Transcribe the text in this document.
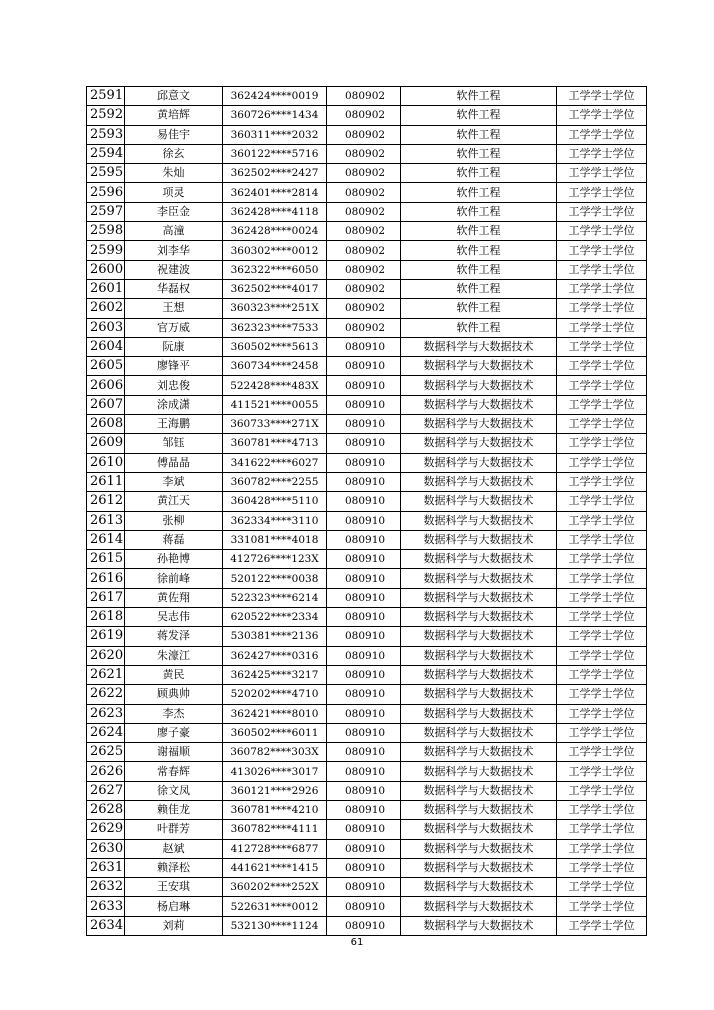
2591	邱意文	362424****0019	080902	软件工程	工学学士学位
2592	黄培辉	360726****1434	080902	软件工程	工学学士学位
2593	易佳宇	360311****2032	080902	软件工程	工学学士学位
2594	徐玄	360122****5716	080902	软件工程	工学学士学位
2595	朱灿	362502****2427	080902	软件工程	工学学士学位
2596	项灵	362401****2814	080902	软件工程	工学学士学位
2597	李臣金	362428****4118	080902	软件工程	工学学士学位
2598	高潼	362428****0024	080902	软件工程	工学学士学位
2599	刘李华	360302****0012	080902	软件工程	工学学士学位
2600	祝建波	362322****6050	080902	软件工程	工学学士学位
2601	华磊权	362502****4017	080902	软件工程	工学学士学位
2602	王想	360323****251X	080902	软件工程	工学学士学位
2603	官万威	362323****7533	080902	软件工程	工学学士学位
2604	阮康	360502****5613	080910	数据科学与大数据技术	工学学士学位
2605	廖锋平	360734****2458	080910	数据科学与大数据技术	工学学士学位
2606	刘忠俊	522428****483X	080910	数据科学与大数据技术	工学学士学位
2607	涂成潇	411521****0055	080910	数据科学与大数据技术	工学学士学位
2608	王海鹏	360733****271X	080910	数据科学与大数据技术	工学学士学位
2609	邹钰	360781****4713	080910	数据科学与大数据技术	工学学士学位
2610	傅晶晶	341622****6027	080910	数据科学与大数据技术	工学学士学位
2611	李斌	360782****2255	080910	数据科学与大数据技术	工学学士学位
2612	黄江天	360428****5110	080910	数据科学与大数据技术	工学学士学位
2613	张柳	362334****3110	080910	数据科学与大数据技术	工学学士学位
2614	蒋磊	331081****4018	080910	数据科学与大数据技术	工学学士学位
2615	孙艳博	412726****123X	080910	数据科学与大数据技术	工学学士学位
2616	徐前峰	520122****0038	080910	数据科学与大数据技术	工学学士学位
2617	黄佐翔	522323****6214	080910	数据科学与大数据技术	工学学士学位
2618	吴志伟	620522****2334	080910	数据科学与大数据技术	工学学士学位
2619	蒋发泽	530381****2136	080910	数据科学与大数据技术	工学学士学位
2620	朱濠江	362427****0316	080910	数据科学与大数据技术	工学学士学位
2621	黄民	362425****3217	080910	数据科学与大数据技术	工学学士学位
2622	顾典帅	520202****4710	080910	数据科学与大数据技术	工学学士学位
2623	李杰	362421****8010	080910	数据科学与大数据技术	工学学士学位
2624	廖子豪	360502****6011	080910	数据科学与大数据技术	工学学士学位
2625	谢福顺	360782****303X	080910	数据科学与大数据技术	工学学士学位
2626	常春辉	413026****3017	080910	数据科学与大数据技术	工学学士学位
2627	徐文凤	360121****2926	080910	数据科学与大数据技术	工学学士学位
2628	赖佳龙	360781****4210	080910	数据科学与大数据技术	工学学士学位
2629	叶群芳	360782****4111	080910	数据科学与大数据技术	工学学士学位
2630	赵斌	412728****6877	080910	数据科学与大数据技术	工学学士学位
2631	赖泽松	441621****1415	080910	数据科学与大数据技术	工学学士学位
2632	王安琪	360202****252X	080910	数据科学与大数据技术	工学学士学位
2633	杨启琳	522631****0012	080910	数据科学与大数据技术	工学学士学位
2634	刘莉	532130****1124	080910	数据科学与大数据技术	工学学士学位
61
